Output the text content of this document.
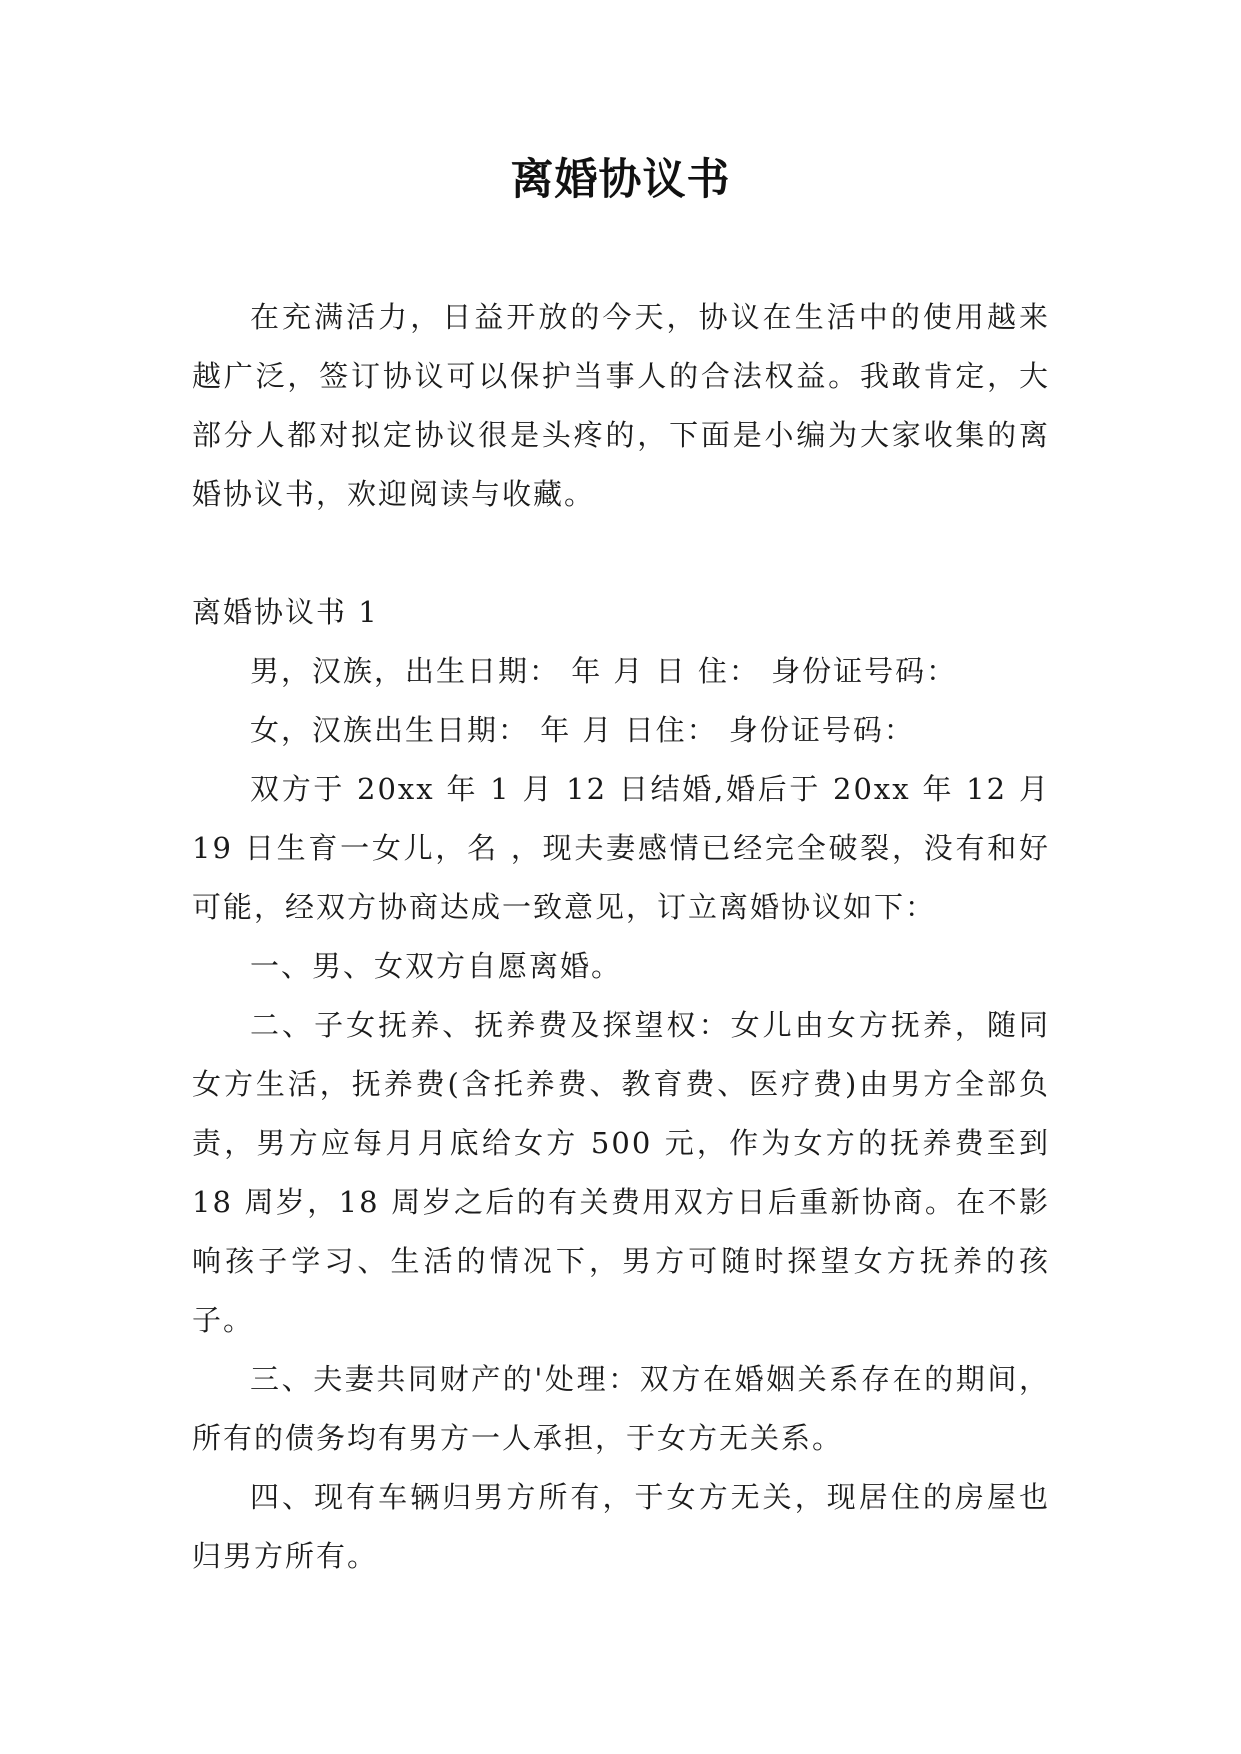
离婚协议书

在充满活力，日益开放的今天，协议在生活中的使用越来越广泛，签订协议可以保护当事人的合法权益。我敢肯定，大部分人都对拟定协议很是头疼的，下面是小编为大家收集的离婚协议书，欢迎阅读与收藏。

离婚协议书 1

男，汉族，出生日期： 年 月 日 住： 身份证号码：

女，汉族出生日期： 年 月 日住： 身份证号码：

双方于 20xx 年 1 月 12 日结婚,婚后于 20xx 年 12 月 19 日生育一女儿，名 ，现夫妻感情已经完全破裂，没有和好可能，经双方协商达成一致意见，订立离婚协议如下：

一、男、女双方自愿离婚。

二、子女抚养、抚养费及探望权：女儿由女方抚养，随同女方生活，抚养费(含托养费、教育费、医疗费)由男方全部负责，男方应每月月底给女方 500 元，作为女方的抚养费至到 18 周岁，18 周岁之后的有关费用双方日后重新协商。在不影响孩子学习、生活的情况下，男方可随时探望女方抚养的孩子。

三、夫妻共同财产的'处理：双方在婚姻关系存在的期间，所有的债务均有男方一人承担，于女方无关系。

四、现有车辆归男方所有，于女方无关，现居住的房屋也归男方所有。
